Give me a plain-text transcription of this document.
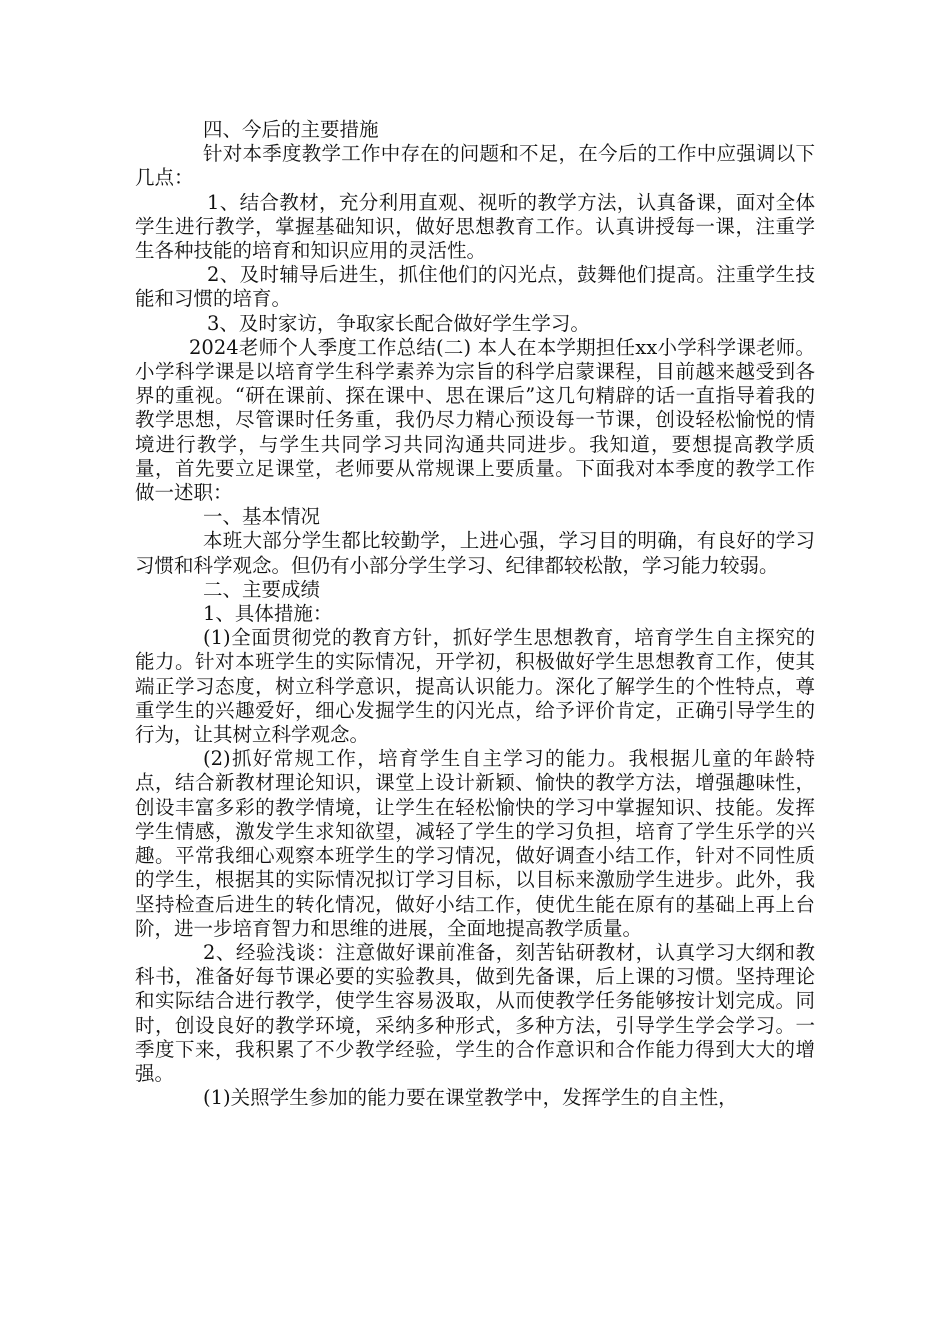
四、今后的主要措施

针对本季度教学工作中存在的问题和不足，在今后的工作中应强调以下几点：

1、结合教材，充分利用直观、视听的教学方法，认真备课，面对全体学生进行教学，掌握基础知识，做好思想教育工作。认真讲授每一课，注重学生各种技能的培育和知识应用的灵活性。

2、及时辅导后进生，抓住他们的闪光点，鼓舞他们提高。注重学生技能和习惯的培育。

3、及时家访，争取家长配合做好学生学习。

2024老师个人季度工作总结(二) 本人在本学期担任xx小学科学课老师。小学科学课是以培育学生科学素养为宗旨的科学启蒙课程，目前越来越受到各界的重视。“研在课前、探在课中、思在课后”这几句精辟的话一直指导着我的教学思想，尽管课时任务重，我仍尽力精心预设每一节课，创设轻松愉悦的情境进行教学，与学生共同学习共同沟通共同进步。我知道，要想提高教学质量，首先要立足课堂，老师要从常规课上要质量。下面我对本季度的教学工作做一述职：

一、基本情况

本班大部分学生都比较勤学，上进心强，学习目的明确，有良好的学习习惯和科学观念。但仍有小部分学生学习、纪律都较松散，学习能力较弱。

二、主要成绩

1、具体措施：

(1)全面贯彻党的教育方针，抓好学生思想教育，培育学生自主探究的能力。针对本班学生的实际情况，开学初，积极做好学生思想教育工作，使其端正学习态度，树立科学意识，提高认识能力。深化了解学生的个性特点，尊重学生的兴趣爱好，细心发掘学生的闪光点，给予评价肯定，正确引导学生的行为，让其树立科学观念。

(2)抓好常规工作，培育学生自主学习的能力。我根据儿童的年龄特点，结合新教材理论知识，课堂上设计新颖、愉快的教学方法，增强趣味性，创设丰富多彩的教学情境，让学生在轻松愉快的学习中掌握知识、技能。发挥学生情感，激发学生求知欲望，减轻了学生的学习负担，培育了学生乐学的兴趣。平常我细心观察本班学生的学习情况，做好调查小结工作，针对不同性质的学生，根据其的实际情况拟订学习目标，以目标来激励学生进步。此外，我坚持检查后进生的转化情况，做好小结工作，使优生能在原有的基础上再上台阶，进一步培育智力和思维的进展，全面地提高教学质量。

2、经验浅谈：注意做好课前准备，刻苦钻研教材，认真学习大纲和教科书，准备好每节课必要的实验教具，做到先备课，后上课的习惯。坚持理论和实际结合进行教学，使学生容易汲取，从而使教学任务能够按计划完成。同时，创设良好的教学环境，采纳多种形式，多种方法，引导学生学会学习。一季度下来，我积累了不少教学经验，学生的合作意识和合作能力得到大大的增强。

(1)关照学生参加的能力要在课堂教学中，发挥学生的自主性，
